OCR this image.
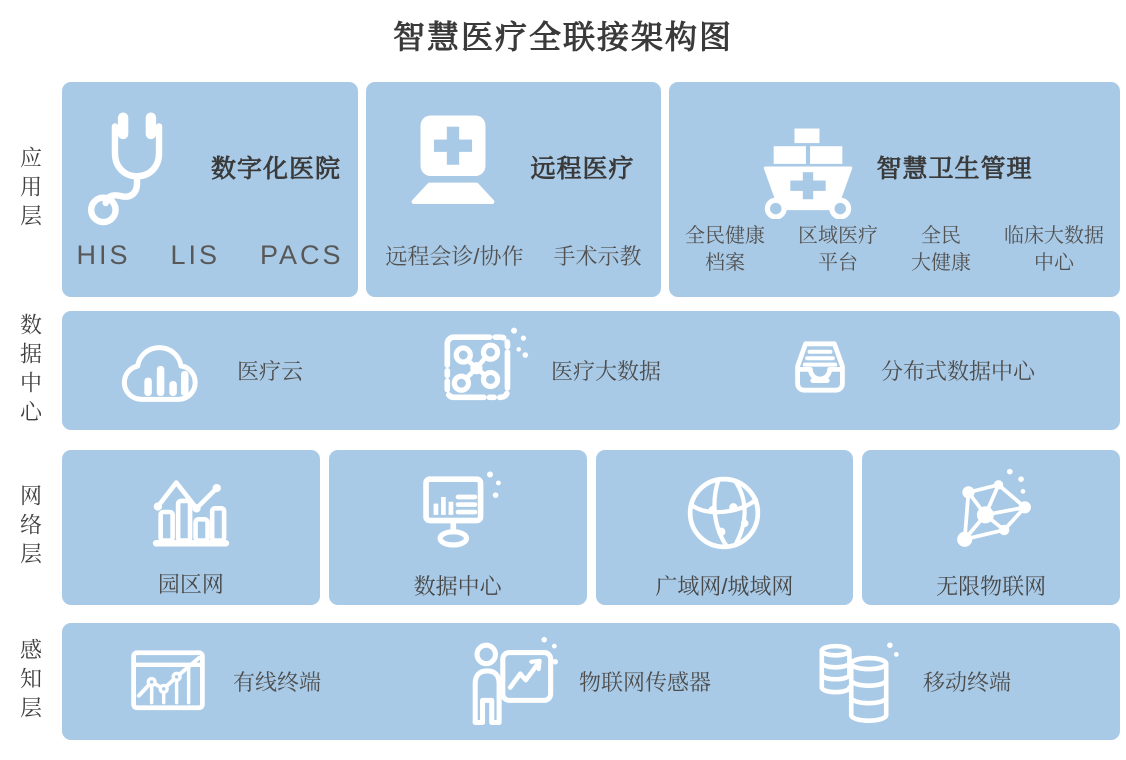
智慧医疗全联接架构图
应用层
数据中心
网络层
感知层
数字化医院
HIS LIS PACS
远程医疗
远程会诊/协作 手术示教
智慧卫生管理
全民健康
档案
区域医疗
平台
全民
大健康
临床大数据
中心
医疗云	医疗大数据	分布式数据中心
园区网	数据中心	广域网/城域网	无限物联网
有线终端	物联网传感器	移动终端
